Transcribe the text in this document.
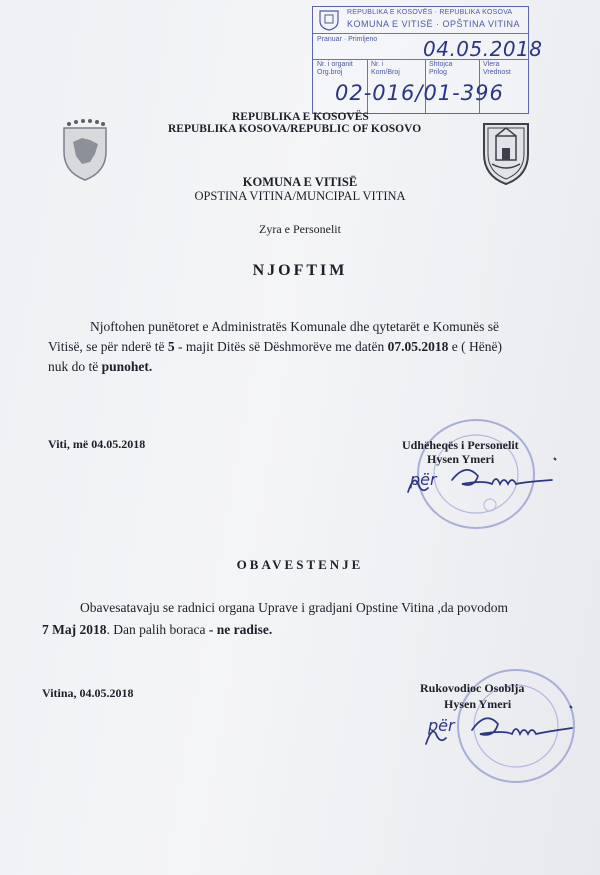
REPUBLIKA E KOSOVËS · REPUBLIKA KOSOVA
KOMUNA E VITISË · OPŠTINA VITINA
Pranuar · Primljeno 04.05.2018
Nr. i organit
Org.broj
Nr. i
Kom/Broj
Shtojca
Prilog
Vlera
Vrednost
02-016/01-396
REPUBLIKA E KOSOVËS
REPUBLIKA KOSOVA/REPUBLIC OF KOSOVO
KOMUNA E VITISË
OPSTINA VITINA/MUNCIPAL VITINA
Zyra e Personelit
NJOFTIM
Njoftohen punëtoret e Administratës Komunale dhe qytetarët e Komunës së
Vitisë, se për nderë të 5 - majit Ditës së Dëshmorëve me datën 07.05.2018 e ( Hënë)
nuk do të punohet.
Viti, më 04.05.2018	Udhëheqës i Personelit
Hysen Ymeri
për
OBAVESTENJE
Obavesatavaju se radnici organa Uprave i gradjani Opstine Vitina ,da povodom
7 Maj 2018. Dan palih boraca - ne radise.
Vitina, 04.05.2018	Rukovodioc Osoblja
Hysen Ymeri
për
